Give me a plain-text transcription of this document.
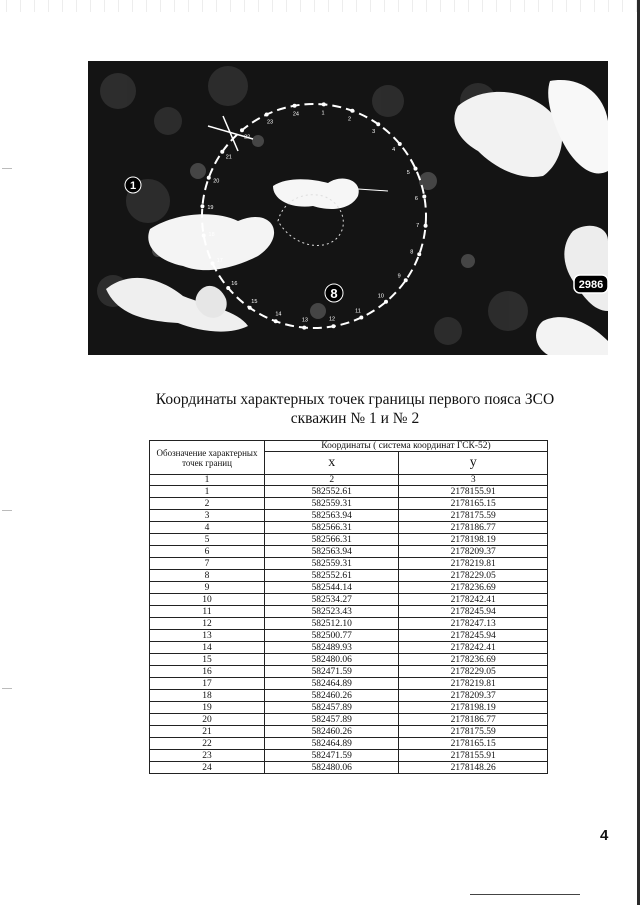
1
2
3
4
5
6
7
8
9
10
11
12
13
14
15
16
17
18
19
20
21
22
23
24
1
8
2986
Координаты характерных точек границы первого пояса ЗСО
скважин № 1 и № 2
Обозначение характерных точек границ	Координаты ( система координат ГСК-52)	
	х	у
1	2	3
1	582552.61	2178155.91
2	582559.31	2178165.15
3	582563.94	2178175.59
4	582566.31	2178186.77
5	582566.31	2178198.19
6	582563.94	2178209.37
7	582559.31	2178219.81
8	582552.61	2178229.05
9	582544.14	2178236.69
10	582534.27	2178242.41
11	582523.43	2178245.94
12	582512.10	2178247.13
13	582500.77	2178245.94
14	582489.93	2178242.41
15	582480.06	2178236.69
16	582471.59	2178229.05
17	582464.89	2178219.81
18	582460.26	2178209.37
19	582457.89	2178198.19
20	582457.89	2178186.77
21	582460.26	2178175.59
22	582464.89	2178165.15
23	582471.59	2178155.91
24	582480.06	2178148.26
4
